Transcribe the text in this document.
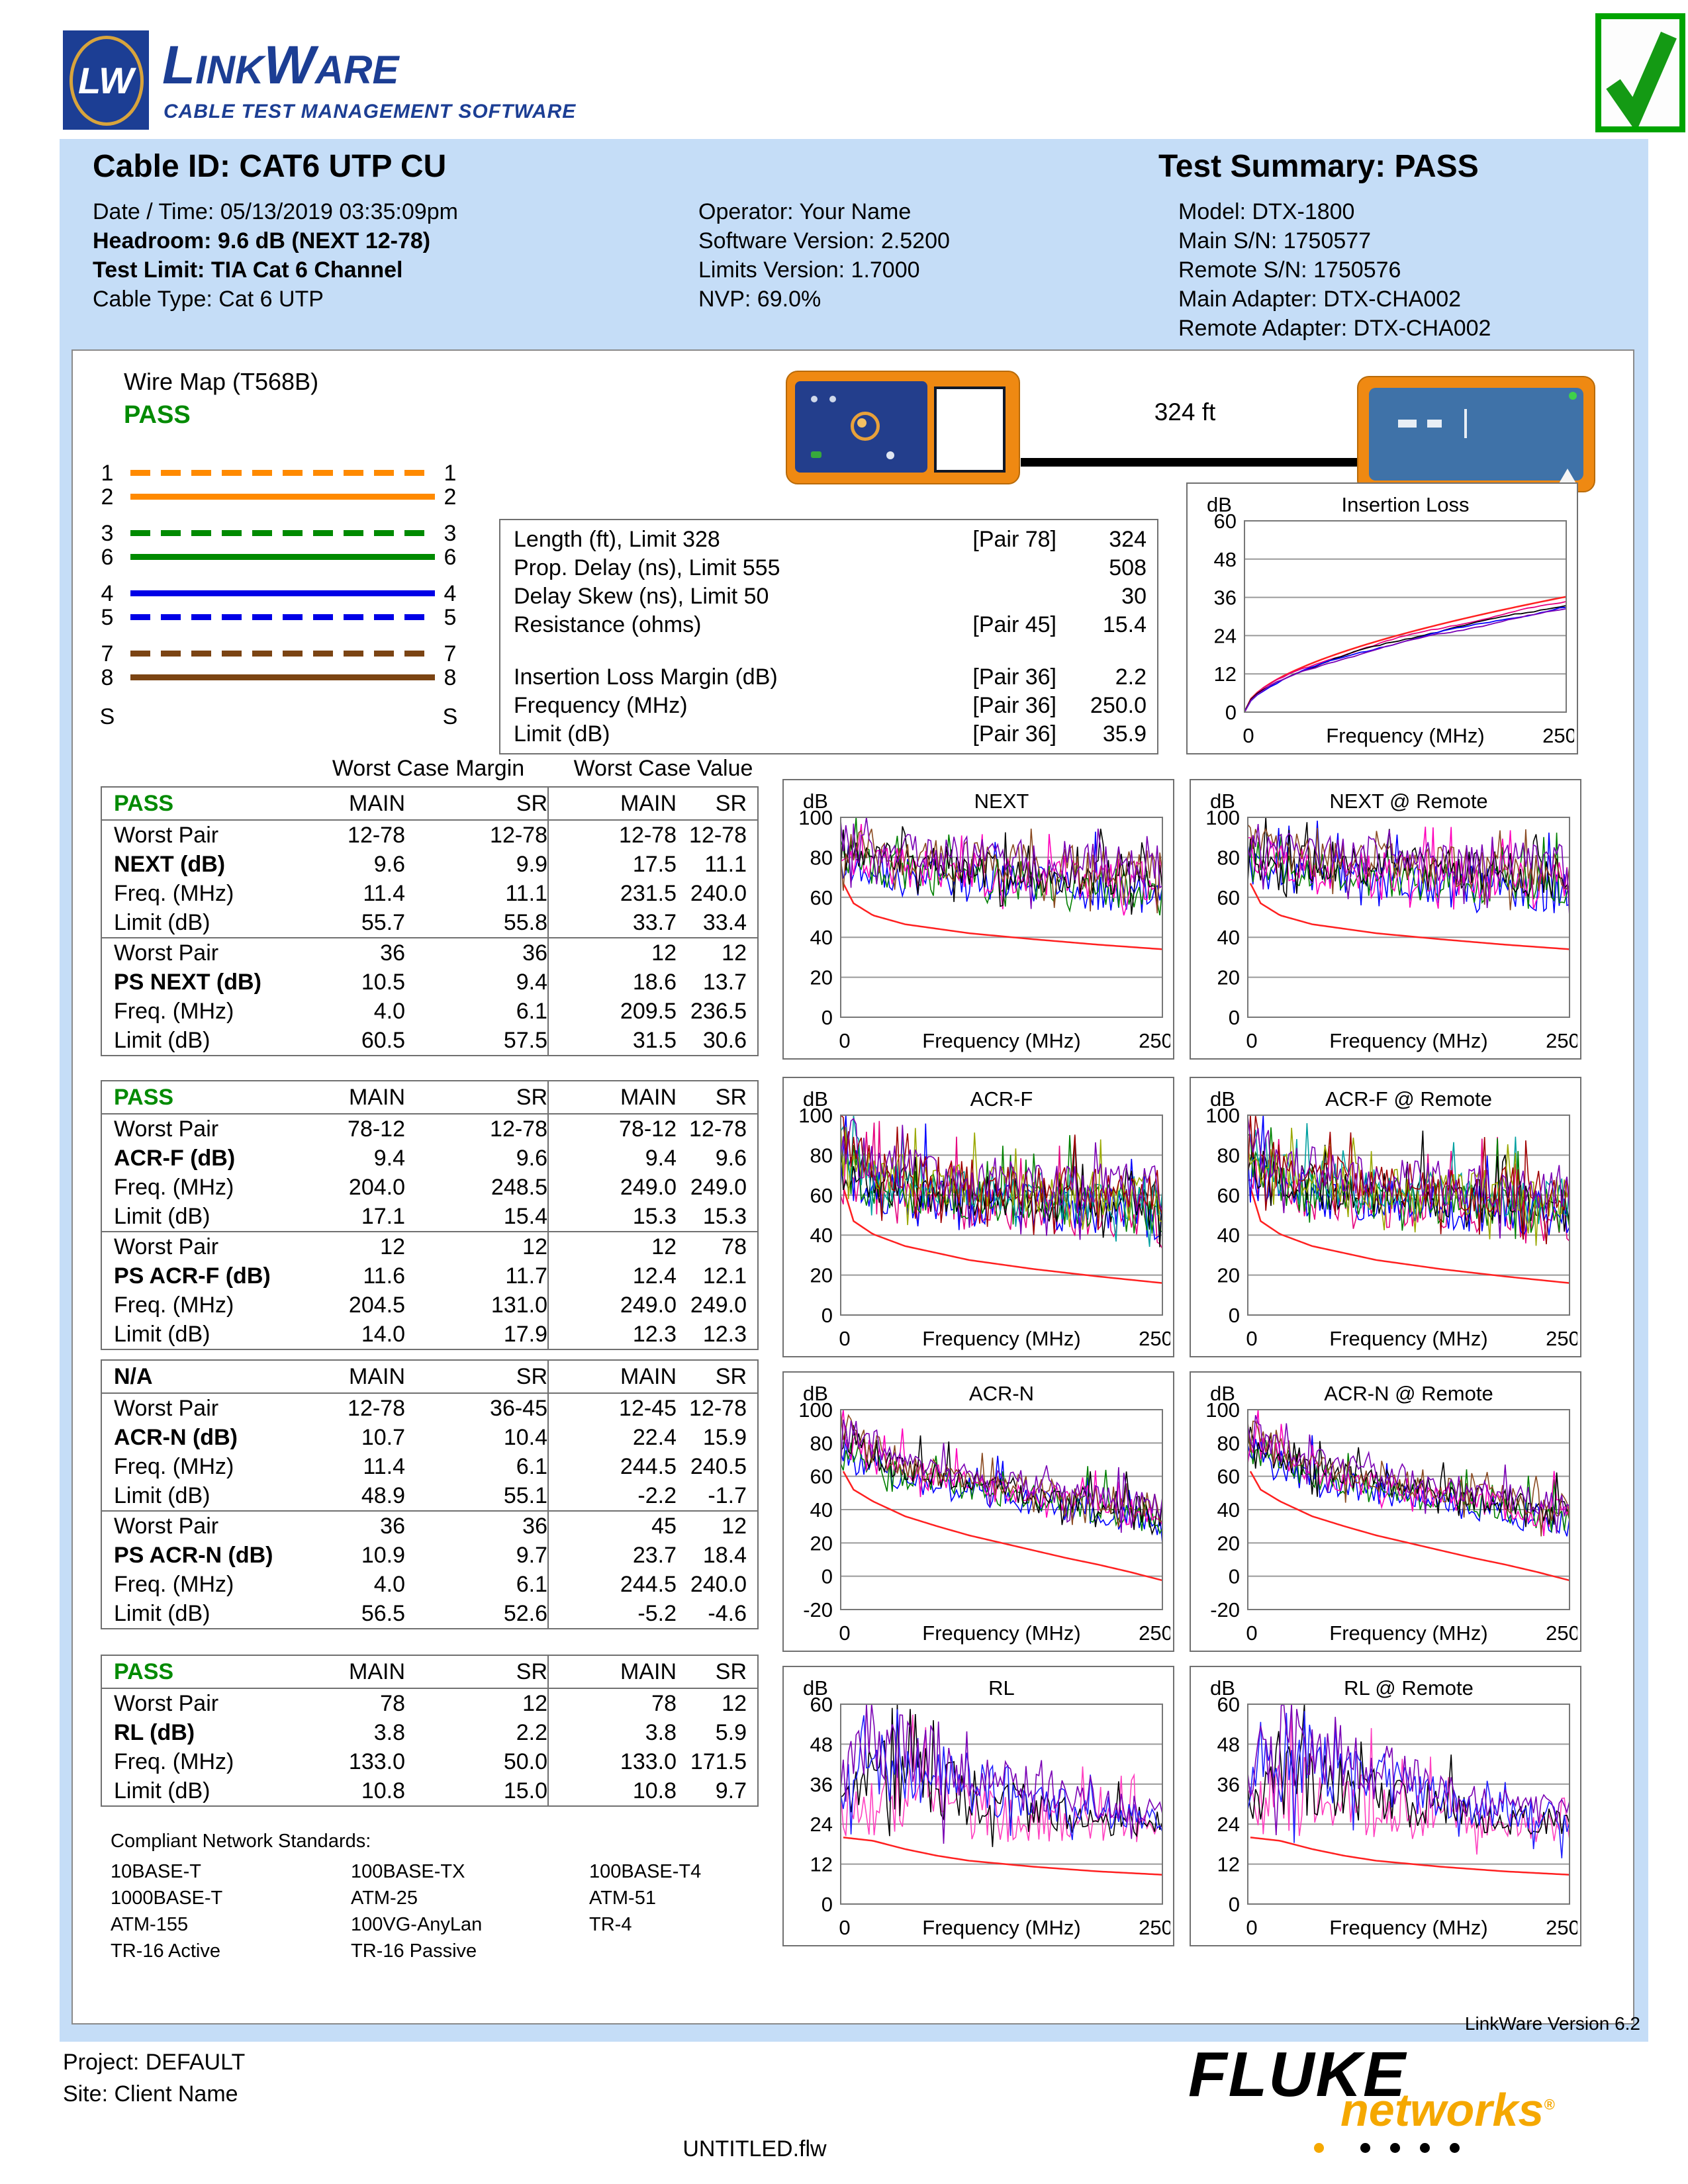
LW LINKWARE
CABLE TEST MANAGEMENT SOFTWARE
Cable ID: CAT6 UTP CU	Test Summary: PASS
Date / Time: 05/13/2019 03:35:09pm
Headroom: 9.6 dB (NEXT 12-78)
Test Limit: TIA Cat 6 Channel
Cable Type: Cat 6 UTP
Operator: Your Name
Software Version: 2.5200
Limits Version: 1.7000
NVP: 69.0%
Model: DTX-1800
Main S/N: 1750577
Remote S/N: 1750576
Main Adapter: DTX-CHA002
Remote Adapter: DTX-CHA002
Wire Map (T568B)
PASS
1	1
2	2
3	3
6	6
4	4
5	5
7	7
8	8
S	S
324 ft
Length (ft), Limit 328	[Pair 78]	324
Prop. Delay (ns), Limit 555	508
Delay Skew (ns), Limit 50	30
Resistance (ohms)	[Pair 45]	15.4
Insertion Loss Margin (dB)	[Pair 36]	2.2
Frequency (MHz)	[Pair 36]	250.0
Limit (dB)	[Pair 36]	35.9
Worst Case Margin Worst Case Value
PASS	MAIN	SR	MAIN	SR
Worst Pair	12-78	12-78	12-78 12-78
NEXT (dB)	9.6	9.9	17.5	11.1
Freq. (MHz)	11.4	11.1	231.5 240.0
Limit (dB)	55.7	55.8	33.7	33.4
Worst Pair	36	36	12	12
PS NEXT (dB)	10.5	9.4	18.6	13.7
Freq. (MHz)	4.0	6.1	209.5 236.5
Limit (dB)	60.5	57.5	31.5	30.6
PASS	MAIN	SR	MAIN	SR
Worst Pair	78-12	12-78	78-12 12-78
ACR-F (dB)	9.4	9.6	9.4	9.6
Freq. (MHz)	204.0	248.5	249.0 249.0
Limit (dB)	17.1	15.4	15.3	15.3
Worst Pair	12	12	12	78
PS ACR-F (dB)	11.6	11.7	12.4	12.1
Freq. (MHz)	204.5	131.0	249.0 249.0
Limit (dB)	14.0	17.9	12.3	12.3
N/A	MAIN	SR	MAIN	SR
Worst Pair	12-78	36-45	12-45 12-78
ACR-N (dB)	10.7	10.4	22.4	15.9
Freq. (MHz)	11.4	6.1	244.5 240.5
Limit (dB)	48.9	55.1	-2.2	-1.7
Worst Pair	36	36	45	12
PS ACR-N (dB)	10.9	9.7	23.7	18.4
Freq. (MHz)	4.0	6.1	244.5 240.0
Limit (dB)	56.5	52.6	-5.2	-4.6
PASS	MAIN	SR	MAIN	SR
Worst Pair	78	12	78	12
RL (dB)	3.8	2.2	3.8	5.9
Freq. (MHz)	133.0	50.0	133.0 171.5
Limit (dB)	10.8	15.0	10.8	9.7
Compliant Network Standards:
10BASE-T
1000BASE-T
ATM-155
TR-16 Active
100BASE-TX
ATM-25
100VG-AnyLan
TR-16 Passive
100BASE-T4
ATM-51
TR-4
Insertion Loss
dB
0
12
24
36
48
60
0	Frequency (MHz)	250
NEXT
dB
0
20
40
60
80
100
0	Frequency (MHz)	250
NEXT @ Remote
dB
0
20
40
60
80
100
0	Frequency (MHz)	250
ACR-F
dB
0
20
40
60
80
100
0	Frequency (MHz)	250
ACR-F @ Remote
dB
0
20
40
60
80
100
0	Frequency (MHz)	250
ACR-N
dB
-20
0
20
40
60
80
100
0	Frequency (MHz)	250
ACR-N @ Remote
dB
-20
0
20
40
60
80
100
0	Frequency (MHz)	250
RL
dB
0
12
24
36
48
60
0	Frequency (MHz)	250
RL @ Remote
dB
0
12
24
36
48
60
0	Frequency (MHz)	250
LinkWare Version 6.2
Project: DEFAULT
Site: Client Name
UNTITLED.flw
FLUKE
networks®
